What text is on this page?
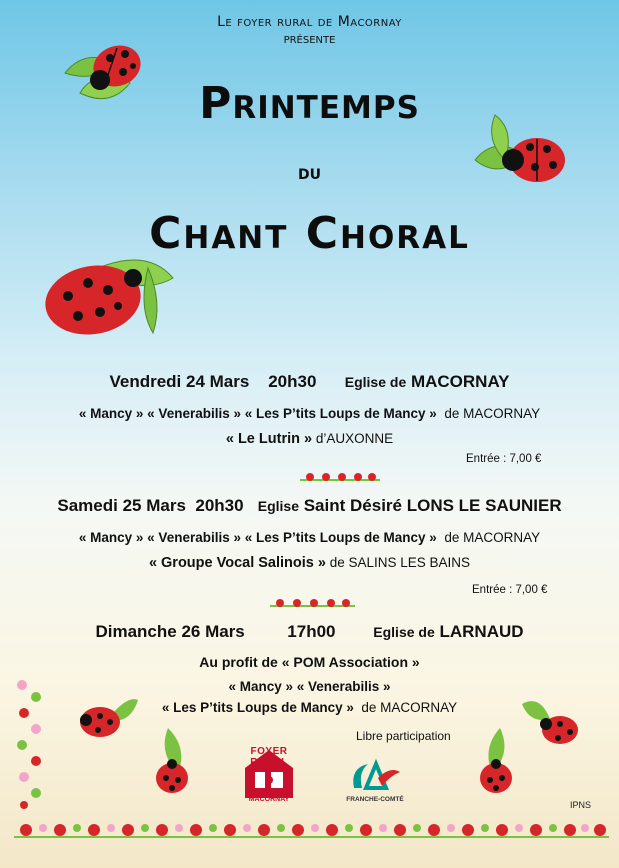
Le foyer rural de Macornay
présente
Printemps
du
Chant Choral
Vendredi 24 Mars 20h30 Eglise de MACORNAY
« Mancy » « Venerabilis » « Les P’tits Loups de Mancy » de MACORNAY
« Le Lutrin » d’AUXONNE
Entrée : 7,00 €
Samedi 25 Mars 20h30 Eglise Saint Désiré LONS LE SAUNIER
« Mancy » « Venerabilis » « Les P’tits Loups de Mancy » de MACORNAY
« Groupe Vocal Salinois » de SALINS LES BAINS
Entrée : 7,00 €
Dimanche 26 Mars	17h00	Eglise de LARNAUD
Au profit de « POM Association »
« Mancy » « Venerabilis »
« Les P’tits Loups de Mancy » de MACORNAY
Libre participation
FOYER RURAL
MACORNAY	FRANCHE-COMTÉ
IPNS
